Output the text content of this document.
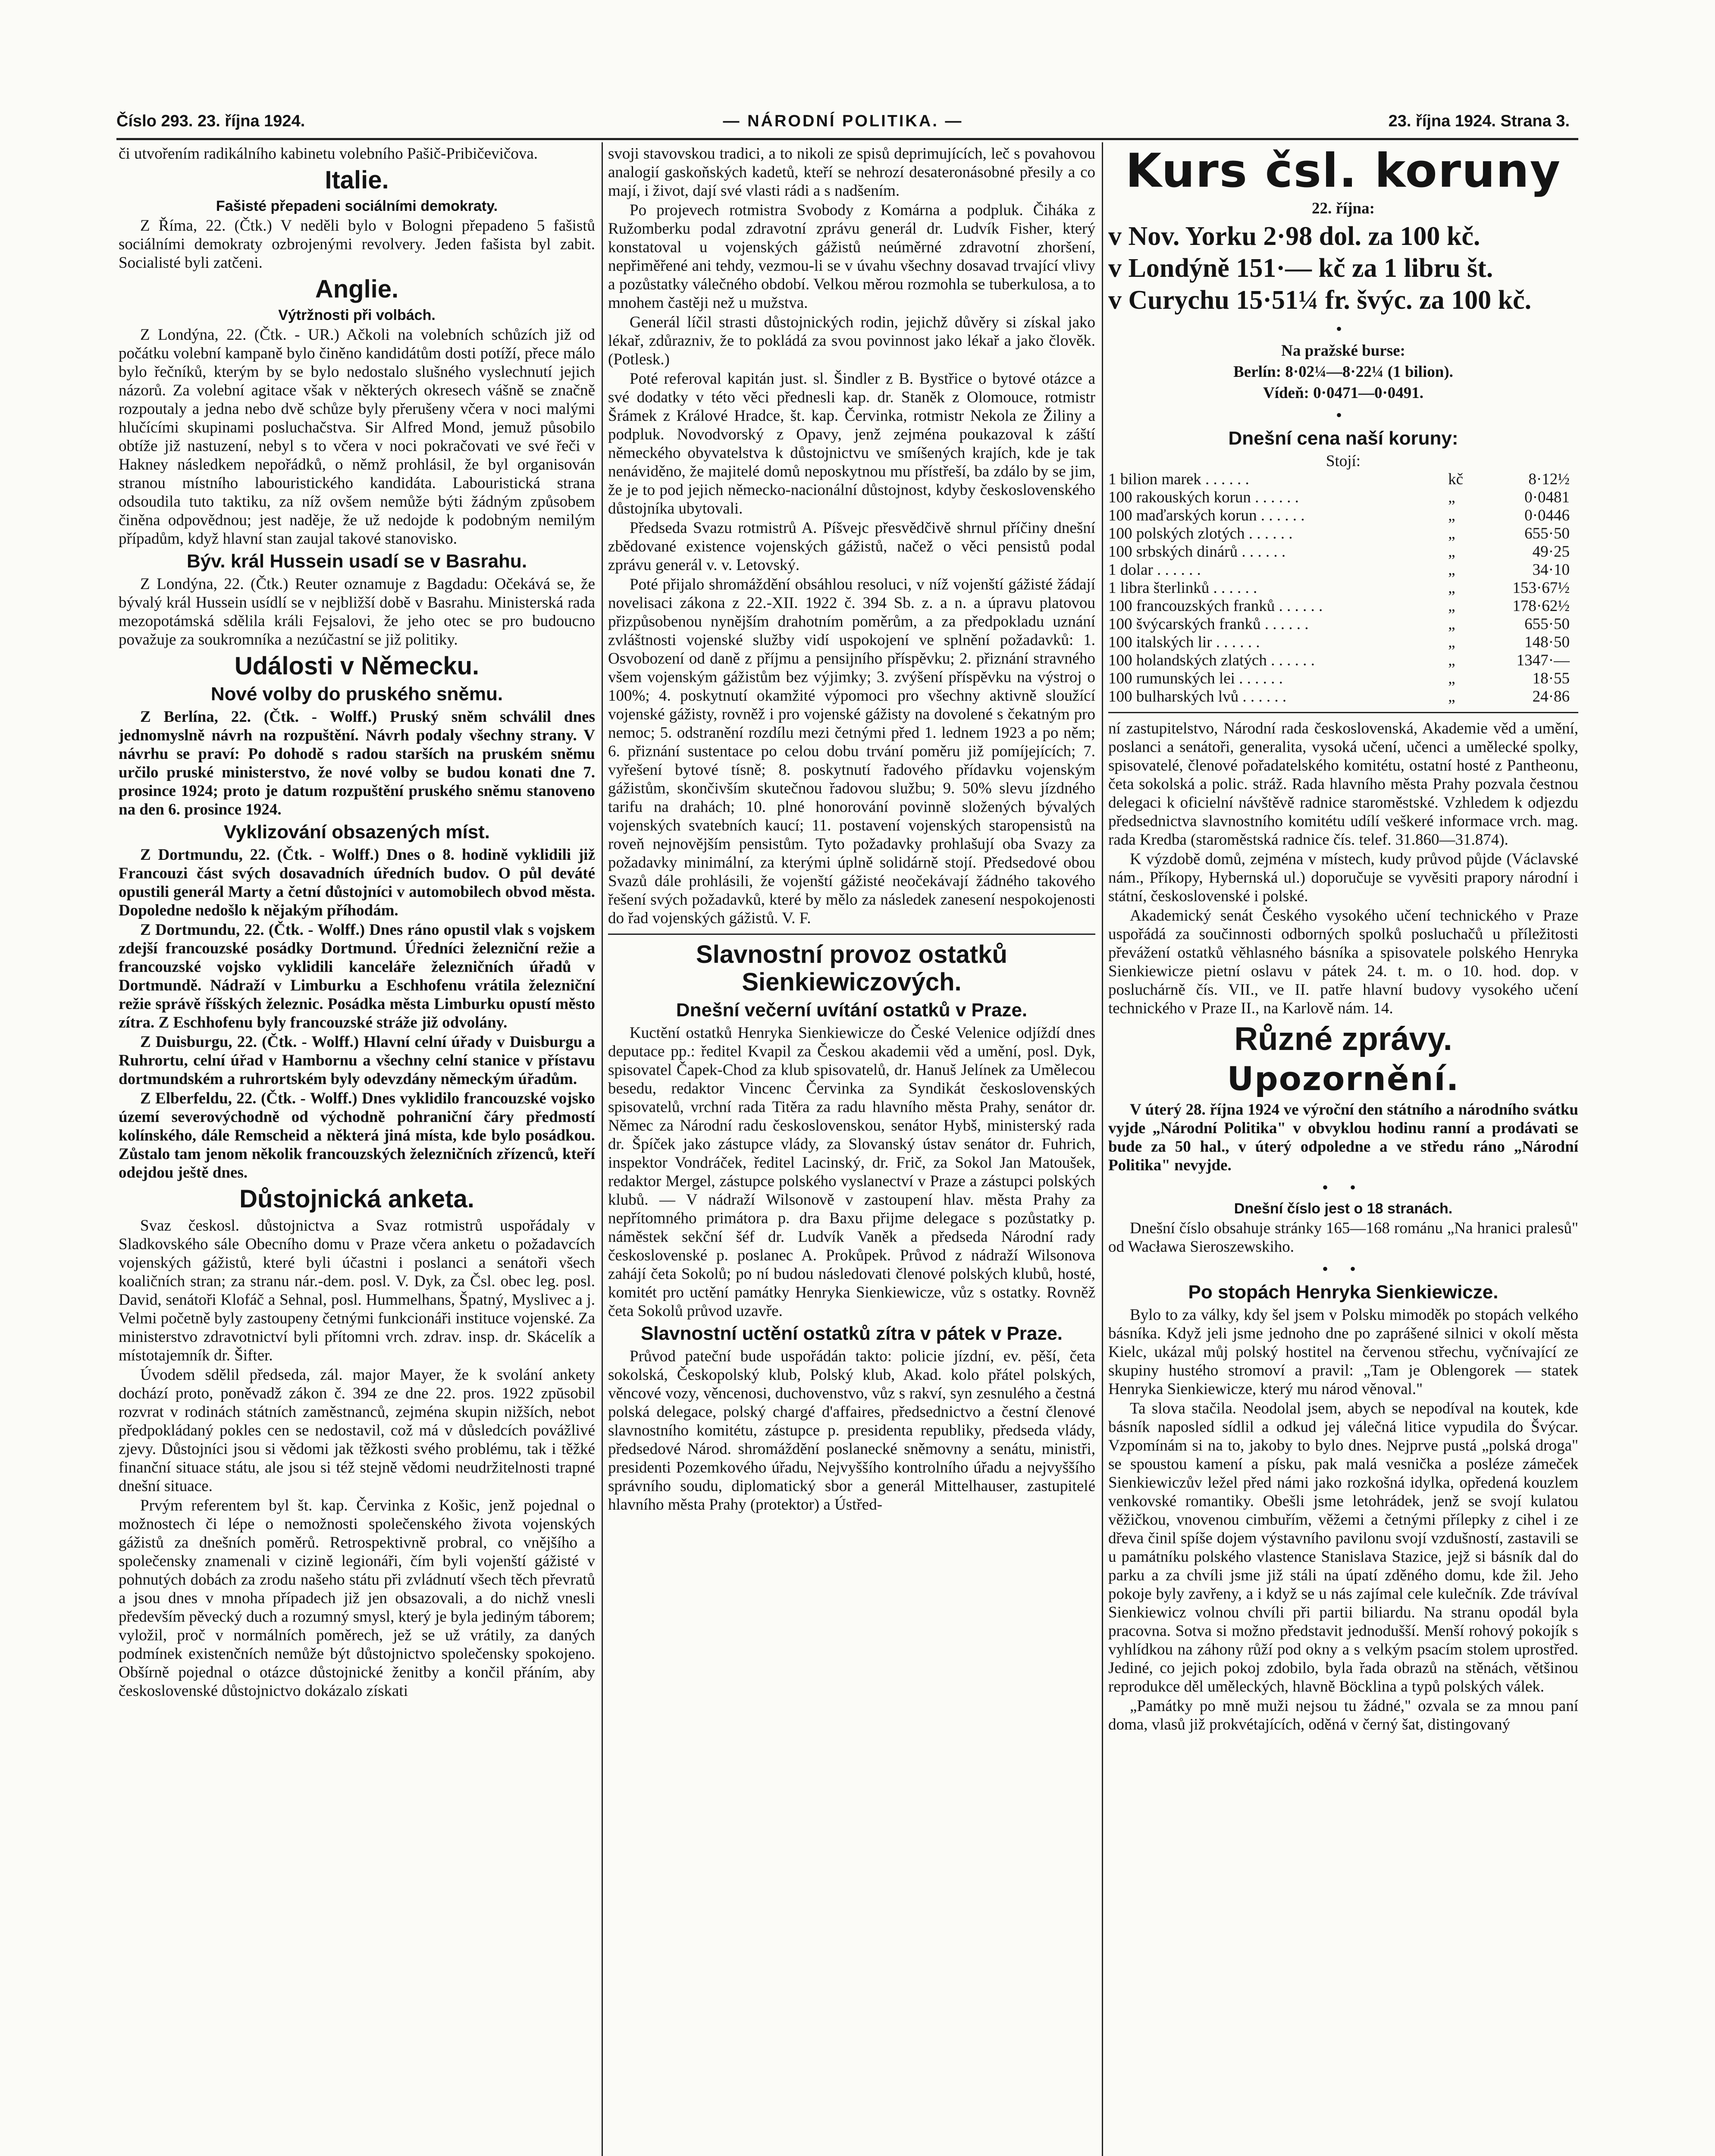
Číslo 293. 23. října 1924.	— NÁRODNÍ POLITIKA. —	23. října 1924. Strana 3.

či utvořením radikálního kabinetu volebního Pašič-Pribičevičova.

Italie.
Fašisté přepadeni sociálními demokraty.

Z Říma, 22. (Čtk.) V neděli bylo v Bologni přepadeno 5 fašistů sociálními demokraty ozbrojenými revolvery. Jeden fašista byl zabit. Socialisté byli zatčeni.

Anglie.
Výtržnosti při volbách.

Z Londýna, 22. (Čtk. - UR.) Ačkoli na volebních schůzích již od počátku volební kampaně bylo činěno kandidátům dosti potíží, přece málo bylo řečníků, kterým by se bylo nedostalo slušného vyslechnutí jejich názorů. Za volební agitace však v některých okresech vášně se značně rozpoutaly a jedna nebo dvě schůze byly přerušeny včera v noci malými hlučícími skupinami posluchačstva. Sir Alfred Mond, jemuž působilo obtíže již nastuzení, nebyl s to včera v noci pokračovati ve své řeči v Hakney následkem nepořádků, o němž prohlásil, že byl organisován stranou místního labouristického kandidáta. Labouristická strana odsoudila tuto taktiku, za níž ovšem nemůže býti žádným způsobem činěna odpovědnou; jest naděje, že už nedojde k podobným nemilým případům, když hlavní stan zaujal takové stanovisko.

Býv. král Hussein usadí se v Basrahu.

Z Londýna, 22. (Čtk.) Reuter oznamuje z Bagdadu: Očekává se, že bývalý král Hussein usídlí se v nejbližší době v Basrahu. Ministerská rada mezopotámská sdělila králi Fejsalovi, že jeho otec se pro budoucno považuje za soukromníka a nezúčastní se již politiky.

Události v Německu.
Nové volby do pruského sněmu.

Z Berlína, 22. (Čtk. - Wolff.) Pruský sněm schválil dnes jednomyslně návrh na rozpuštění. Návrh podaly všechny strany. V návrhu se praví: Po dohodě s radou starších na pruském sněmu určilo pruské ministerstvo, že nové volby se budou konati dne 7. prosince 1924; proto je datum rozpuštění pruského sněmu stanoveno na den 6. prosince 1924.

Vyklizování obsazených míst.

Z Dortmundu, 22. (Čtk. - Wolff.) Dnes o 8. hodině vyklidili již Francouzi část svých dosavadních úředních budov. O půl deváté opustili generál Marty a četní důstojníci v automobilech obvod města. Dopoledne nedošlo k nějakým příhodám.

Z Dortmundu, 22. (Čtk. - Wolff.) Dnes ráno opustil vlak s vojskem zdejší francouzské posádky Dortmund. Úředníci železniční režie a francouzské vojsko vyklidili kanceláře železničních úřadů v Dortmundě. Nádraží v Limburku a Eschhofenu vrátila železniční režie správě říšských železnic. Posádka města Limburku opustí město zítra. Z Eschhofenu byly francouzské stráže již odvolány.

Z Duisburgu, 22. (Čtk. - Wolff.) Hlavní celní úřady v Duisburgu a Ruhrortu, celní úřad v Hambornu a všechny celní stanice v přístavu dortmundském a ruhrortském byly odevzdány německým úřadům.

Z Elberfeldu, 22. (Čtk. - Wolff.) Dnes vyklidilo francouzské vojsko území severovýchodně od východně pohraniční čáry předmostí kolínského, dále Remscheid a některá jiná místa, kde bylo posádkou. Zůstalo tam jenom několik francouzských železničních zřízenců, kteří odejdou ještě dnes.

Důstojnická anketa.

Svaz českosl. důstojnictva a Svaz rotmistrů uspořádaly v Sladkovského sále Obecního domu v Praze včera anketu o požadavcích vojenských gážistů, které byli účastni i poslanci a senátoři všech koaličních stran; za stranu nár.-dem. posl. V. Dyk, za Čsl. obec leg. posl. David, senátoři Klofáč a Sehnal, posl. Hummelhans, Špatný, Myslivec a j. Velmi početně byly zastoupeny četnými funkcionáři instituce vojenské. Za ministerstvo zdravotnictví byli přítomni vrch. zdrav. insp. dr. Skácelík a místotajemník dr. Šifter.

Úvodem sdělil předseda, zál. major Mayer, že k svolání ankety dochází proto, poněvadž zákon č. 394 ze dne 22. pros. 1922 zpŭsobil rozvrat v rodinách státních zaměstnanců, zejména skupin nižších, nebot předpokládaný pokles cen se nedostavil, což má v důsledcích povážlivé zjevy. Důstojníci jsou si vědomi jak těžkosti svého problému, tak i těžké finanční situace státu, ale jsou si též stejně vědomi neudržitelnosti trapné dnešní situace.

Prvým referentem byl št. kap. Červinka z Košic, jenž pojednal o možnostech či lépe o nemožnosti společenského života vojenských gážistů za dnešních poměrů. Retrospektivně probral, co vnějšího a společensky znamenali v cizině legionáři, čím byli vojenští gážisté v pohnutých dobách za zrodu našeho státu při zvládnutí všech těch převratů a jsou dnes v mnoha případech již jen obsazovali, a do nichž vnesli především pěvecký duch a rozumný smysl, který je byla jediným táborem; vyložil, proč v normálních poměrech, jež se už vrátily, za daných podmínek existenčních nemůže být důstojnictvo společensky spokojeno. Obšírně pojednal o otázce důstojnické ženitby a končil přáním, aby československé důstojnictvo dokázalo získati

svoji stavovskou tradici, a to nikoli ze spisů deprimujících, leč s povahovou analogií gaskoňských kadetů, kteří se nehrozí desateronásobné přesily a co mají, i život, dají své vlasti rádi a s nadšením.

Po projevech rotmistra Svobody z Komárna a podpluk. Čiháka z Ružomberku podal zdravotní zprávu generál dr. Ludvík Fisher, který konstatoval u vojenských gážistů neúměrné zdravotní zhoršení, nepřiměřené ani tehdy, vezmou-li se v úvahu všechny dosavad trvající vlivy a pozůstatky válečného období. Velkou měrou rozmohla se tuberkulosa, a to mnohem častěji než u mužstva.

Generál líčil strasti důstojnických rodin, jejichž důvěry si získal jako lékař, zdůrazniv, že to pokládá za svou povinnost jako lékař a jako člověk. (Potlesk.)

Poté referoval kapitán just. sl. Šindler z B. Bystřice o bytové otázce a své dodatky v této věci přednesli kap. dr. Staněk z Olomouce, rotmistr Šrámek z Králové Hradce, št. kap. Červinka, rotmistr Nekola ze Žiliny a podpluk. Novodvorský z Opavy, jenž zejména poukazoval k záští německého obyvatelstva k důstojnictvu ve smíšených krajích, kde je tak nenáviděno, že majitelé domů neposkytnou mu přístřeší, ba zdálo by se jim, že je to pod jejich německo-nacionální důstojnost, kdyby československého důstojníka ubytovali.

Předseda Svazu rotmistrů A. Píšvejc přesvědčivě shrnul příčiny dnešní zbědované existence vojenských gážistů, načež o věci pensistů podal zprávu generál v. v. Letovský.

Poté přijalo shromáždění obsáhlou resoluci, v níž vojenští gážisté žádají novelisaci zákona z 22.-XII. 1922 č. 394 Sb. z. a n. a úpravu platovou přizpůsobenou nynějším drahotním poměrům, a za předpokladu uznání zvláštnosti vojenské služby vidí uspokojení ve splnění požadavků: 1. Osvobození od daně z příjmu a pensijního příspěvku; 2. přiznání stravného všem vojenským gážistům bez výjimky; 3. zvýšení příspěvku na výstroj o 100%; 4. poskytnutí okamžité výpomoci pro všechny aktivně sloužící vojenské gážisty, rovněž i pro vojenské gážisty na dovolené s čekatným pro nemoc; 5. odstranění rozdílu mezi četnými před 1. lednem 1923 a po něm; 6. přiznání sustentace po celou dobu trvání poměru již pomíjejících; 7. vyřešení bytové tísně; 8. poskytnutí řadového přídavku vojenským gážistům, skončivším skutečnou řadovou službu; 9. 50% slevu jízdného tarifu na drahách; 10. plné honorování povinně složených bývalých vojenských svatebních kaucí; 11. postavení vojenských staropensistů na roveň nejnovějším pensistům. Tyto požadavky prohlašují oba Svazy za požadavky minimální, za kterými úplně solidárně stojí. Předsedové obou Svazů dále prohlásili, že vojenští gážisté neočekávají žádného takového řešení svých požadavků, které by mělo za následek zanesení nespokojenosti do řad vojenských gážistů. V. F.

Slavnostní provoz ostatků Sienkiewiczových.
Dnešní večerní uvítání ostatků v Praze.

Kuctění ostatků Henryka Sienkiewicze do České Velenice odjíždí dnes deputace pp.: ředitel Kvapil za Českou akademii věd a umění, posl. Dyk, spisovatel Čapek-Chod za klub spisovatelů, dr. Hanuš Jelínek za Umělecou besedu, redaktor Vincenc Červinka za Syndikát československých spisovatelů, vrchní rada Titěra za radu hlavního města Prahy, senátor dr. Němec za Národní radu československou, senátor Hybš, ministerský rada dr. Špíček jako zástupce vlády, za Slovanský ústav senátor dr. Fuhrich, inspektor Vondráček, ředitel Lacinský, dr. Frič, za Sokol Jan Matoušek, redaktor Mergel, zástupce polského vyslanectví v Praze a zástupci polských klubů. — V nádraží Wilsonově v zastoupení hlav. města Prahy za nepřítomného primátora p. dra Baxu přijme delegace s pozůstatky p. náměstek sekční šéf dr. Ludvík Vaněk a předseda Národní rady československé p. poslanec A. Prokůpek. Průvod z nádraží Wilsonova zahájí četa Sokolů; po ní budou následovati členové polských klubů, hosté, komitét pro uctění památky Henryka Sienkiewicze, vůz s ostatky. Rovněž četa Sokolů průvod uzavře.

Slavnostní uctění ostatků zítra v pátek v Praze.

Průvod pateční bude uspořádán takto: policie jízdní, ev. pěší, četa sokolská, Českopolský klub, Polský klub, Akad. kolo přátel polských, věncové vozy, věncenosi, duchovenstvo, vůz s rakví, syn zesnulého a čestná polská delegace, polský chargé d'affaires, předsednictvo a čestní členové slavnostního komitétu, zástupce p. presidenta republiky, předseda vlády, předsedové Národ. shromáždění poslanecké sněmovny a senátu, ministři, presidenti Pozemkového úřadu, Nejvyššího kontrolního úřadu a nejvyššího správního soudu, diplomatický sbor a generál Mittelhauser, zastupitelé hlavního města Prahy (protektor) a Ústřed-

Kurs čsl. koruny
22. října:
v Nov. Yorku 2·98 dol. za 100 kč.
v Londýně 151·— kč za 1 libru št.
v Curychu 15·51¼ fr. švýc. za 100 kč.
•
Na pražské burse:
Berlín: 8·02¼—8·22¼ (1 bilion).
Vídeň: 0·0471—0·0491.
•
Dnešní cena naší koruny:
Stojí:
1 bilion marek . . . . . .	kč	8·12½
100 rakouských korun . . . . . .	„	0·0481
100 maďarských korun . . . . . .	„	0·0446
100 polských zlotých . . . . . .	„	655·50
100 srbských dinárů . . . . . .	„	49·25
1 dolar . . . . . .	„	34·10
1 libra šterlinků . . . . . .	„	153·67½
100 francouzských franků . . . . . .	„	178·62½
100 švýcarských franků . . . . . .	„	655·50
100 italských lir . . . . . .	„	148·50
100 holandských zlatých . . . . . .	„	1347·—
100 rumunských lei . . . . . .	„	18·55
100 bulharských lvů . . . . . .	„	24·86

ní zastupitelstvo, Národní rada československá, Akademie věd a umění, poslanci a senátoři, generalita, vysoká učení, učenci a umělecké spolky, spisovatelé, členové pořadatelského komitétu, ostatní hosté z Pantheonu, četa sokolská a polic. stráž. Rada hlavního města Prahy pozvala čestnou delegaci k oficielní návštěvě radnice staroměstské. Vzhledem k odjezdu předsednictva slavnostního komitétu udílí veškeré informace vrch. mag. rada Kredba (staroměstská radnice čís. telef. 31.860—31.874).

K výzdobě domů, zejména v místech, kudy průvod půjde (Václavské nám., Příkopy, Hybernská ul.) doporučuje se vyvěsiti prapory národní i státní, československé i polské.

Akademický senát Českého vysokého učení technického v Praze uspořádá za součinnosti odborných spolků posluchačů u příležitosti převážení ostatků věhlasného básníka a spisovatele polského Henryka Sienkiewicze pietní oslavu v pátek 24. t. m. o 10. hod. dop. v posluchárně čís. VII., ve II. patře hlavní budovy vysokého učení technického v Praze II., na Karlově nám. 14.

Různé zprávy.
Upozornění.

V úterý 28. října 1924 ve výroční den státního a národního svátku vyjde „Národní Politika" v obvyklou hodinu ranní a prodávati se bude za 50 hal., v úterý odpoledne a ve středu ráno „Národní Politika" nevyjde.

• •
Dnešní číslo jest o 18 stranách.

Dnešní číslo obsahuje stránky 165—168 románu „Na hranici pralesů" od Wacława Sieroszewskiho.

• •
Po stopách Henryka Sienkiewicze.

Bylo to za války, kdy šel jsem v Polsku mimoděk po stopách velkého básníka. Když jeli jsme jednoho dne po zaprášené silnici v okolí města Kielc, ukázal můj polský hostitel na červenou střechu, vyčnívající ze skupiny hustého stromoví a pravil: „Tam je Oblengorek — statek Henryka Sienkiewicze, který mu národ věnoval."

Ta slova stačila. Neodolal jsem, abych se nepodíval na koutek, kde básník naposled sídlil a odkud jej válečná litice vypudila do Švýcar. Vzpomínám si na to, jakoby to bylo dnes. Nejprve pustá „polská droga" se spoustou kamení a písku, pak malá vesnička a posléze zámeček Sienkiewiczův ležel před námi jako rozkošná idylka, opředená kouzlem venkovské romantiky. Obešli jsme letohrádek, jenž se svojí kulatou věžičkou, vnovenou cimbuřím, věžemi a četnými přílepky z cihel i ze dřeva činil spíše dojem výstavního pavilonu svojí vzdušností, zastavili se u památníku polského vlastence Stanislava Stazice, jejž si básník dal do parku a za chvíli jsme již stáli na úpatí zděného domu, kde žil. Jeho pokoje byly zavřeny, a i když se u nás zajímal cele kulečník. Zde trávíval Sienkiewicz volnou chvíli při partii biliardu. Na stranu opodál byla pracovna. Sotva si možno představit jednodušší. Menší rohový pokojík s vyhlídkou na záhony růží pod okny a s velkým psacím stolem uprostřed. Jediné, co jejich pokoj zdobilo, byla řada obrazů na stěnách, většinou reprodukce děl uměleckých, hlavně Böcklina a typů polských válek.

„Památky po mně muži nejsou tu žádné," ozvala se za mnou paní doma, vlasů již prokvétajících, oděná v černý šat, distingovaný
